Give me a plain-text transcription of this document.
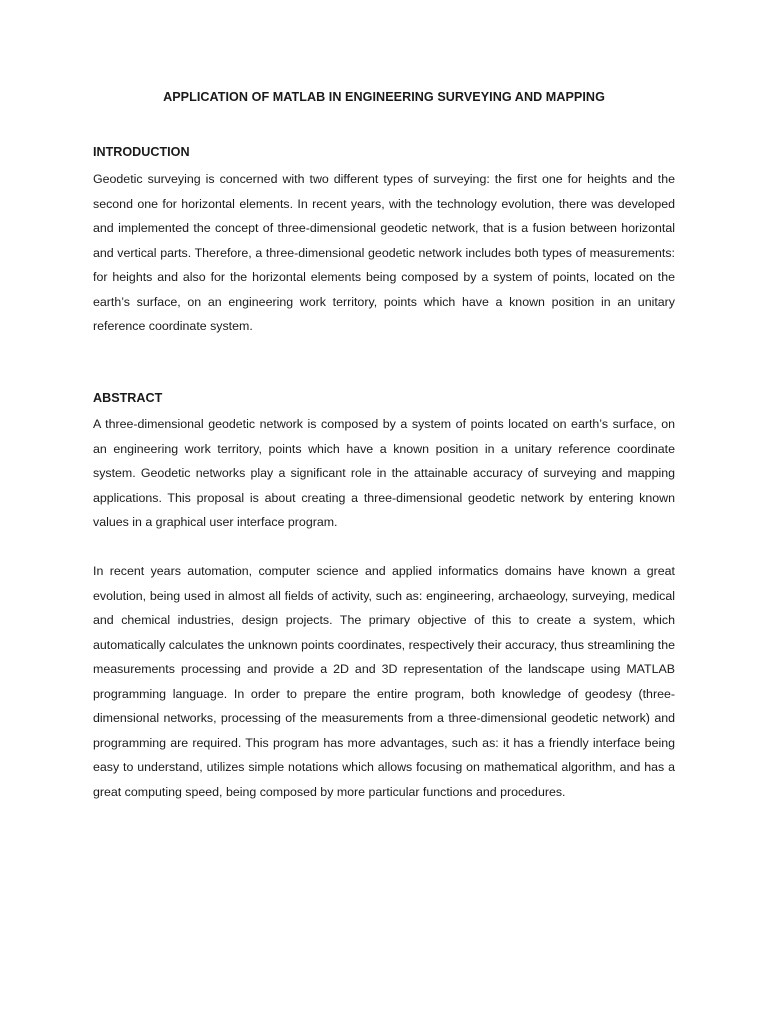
APPLICATION OF MATLAB IN ENGINEERING SURVEYING AND MAPPING
INTRODUCTION

Geodetic surveying is concerned with two different types of surveying: the first one for heights and the second one for horizontal elements. In recent years, with the technology evolution, there was developed and implemented the concept of three-dimensional geodetic network, that is a fusion between horizontal and vertical parts. Therefore, a three-dimensional geodetic network includes both types of measurements: for heights and also for the horizontal elements being composed by a system of points, located on the earth’s surface, on an engineering work territory, points which have a known position in an unitary reference coordinate system.

ABSTRACT

A three-dimensional geodetic network is composed by a system of points located on earth’s surface, on an engineering work territory, points which have a known position in a unitary reference coordinate system. Geodetic networks play a significant role in the attainable accuracy of surveying and mapping applications. This proposal is about creating a three-dimensional geodetic network by entering known values in a graphical user interface program.

In recent years automation, computer science and applied informatics domains have known a great evolution, being used in almost all fields of activity, such as: engineering, archaeology, surveying, medical and chemical industries, design projects. The primary objective of this to create a system, which automatically calculates the unknown points coordinates, respectively their accuracy, thus streamlining the measurements processing and provide a 2D and 3D representation of the landscape using MATLAB programming language. In order to prepare the entire program, both knowledge of geodesy (three-dimensional networks, processing of the measurements from a three-dimensional geodetic network) and programming are required. This program has more advantages, such as: it has a friendly interface being easy to understand, utilizes simple notations which allows focusing on mathematical algorithm, and has a great computing speed, being composed by more particular functions and procedures.
